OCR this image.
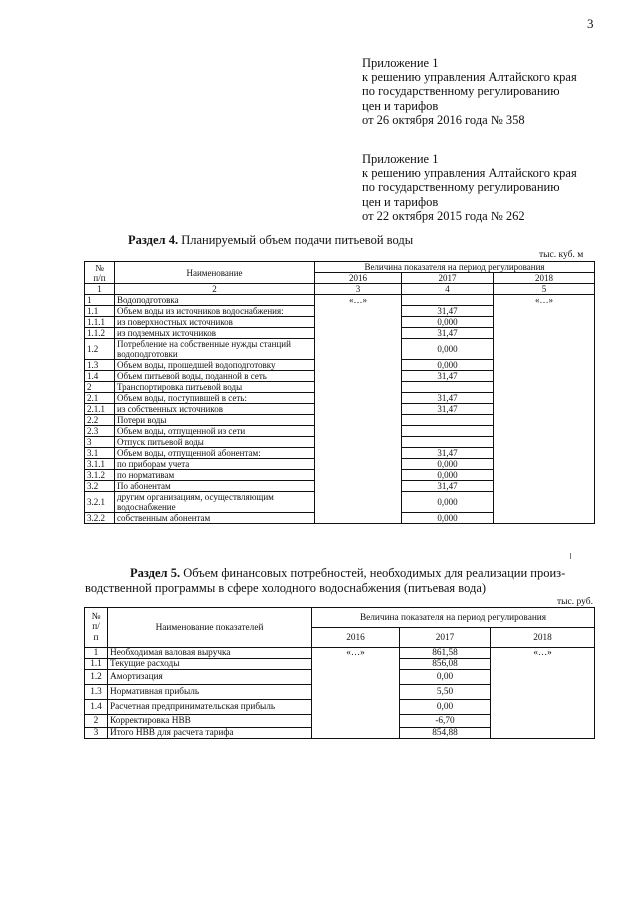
3
Приложение 1
к решению управления Алтайского края
по государственному регулированию
цен и тарифов
от 26 октября 2016 года № 358
Приложение 1
к решению управления Алтайского края
по государственному регулированию
цен и тарифов
от 22 октября 2015 года № 262
Раздел 4. Планируемый объем подачи питьевой воды
тыс. куб. м
№
п/п	Наименование	Величина показателя на период регулирования		
		2016	2017	2018
1	2	3	4	5
1	Водоподготовка	«…»		«…»
1.1	Объем воды из источников водоснабжения:		31,47	
1.1.1	из поверхностных источников		0,000	
1.1.2	из подземных источников		31,47	
1.2	Потребление на собственные нужды станций водоподготовки		0,000	
1.3	Объем воды, прошедшей водоподготовку		0,000	
1.4	Объем питьевой воды, поданной в сеть		31,47	
2	Транспортировка питьевой воды			
2.1	Объем воды, поступившей в сеть:		31,47	
2.1.1	из собственных источников		31,47	
2.2	Потери воды			
2.3	Объем воды, отпущенной из сети			
3	Отпуск питьевой воды			
3.1	Объем воды, отпущенной абонентам:		31,47	
3.1.1	по приборам учета		0,000	
3.1.2	по нормативам		0,000	
3.2	По абонентам		31,47	
3.2.1	другим организациям, осуществляющим водоснабжение		0,000	
3.2.2	собственным абонентам		0,000	
Раздел 5. Объем финансовых потребностей, необходимых для реализации произ-
водственной программы в сфере холодного водоснабжения (питьевая вода)
тыс. руб.
№
п/
п	Наименование показателей	Величина показателя на период регулирования		
		2016	2017	2018
1	Необходимая валовая выручка	«…»	861,58	«…»
1.1	Текущие расходы		856,08	
1.2	Амортизация		0,00	
1.3	Нормативная прибыль		5,50	
1.4	Расчетная предпринимательская прибыль		0,00	
2	Корректировка НВВ		-6,70	
3	Итого НВВ для расчета тарифа		854,88	
